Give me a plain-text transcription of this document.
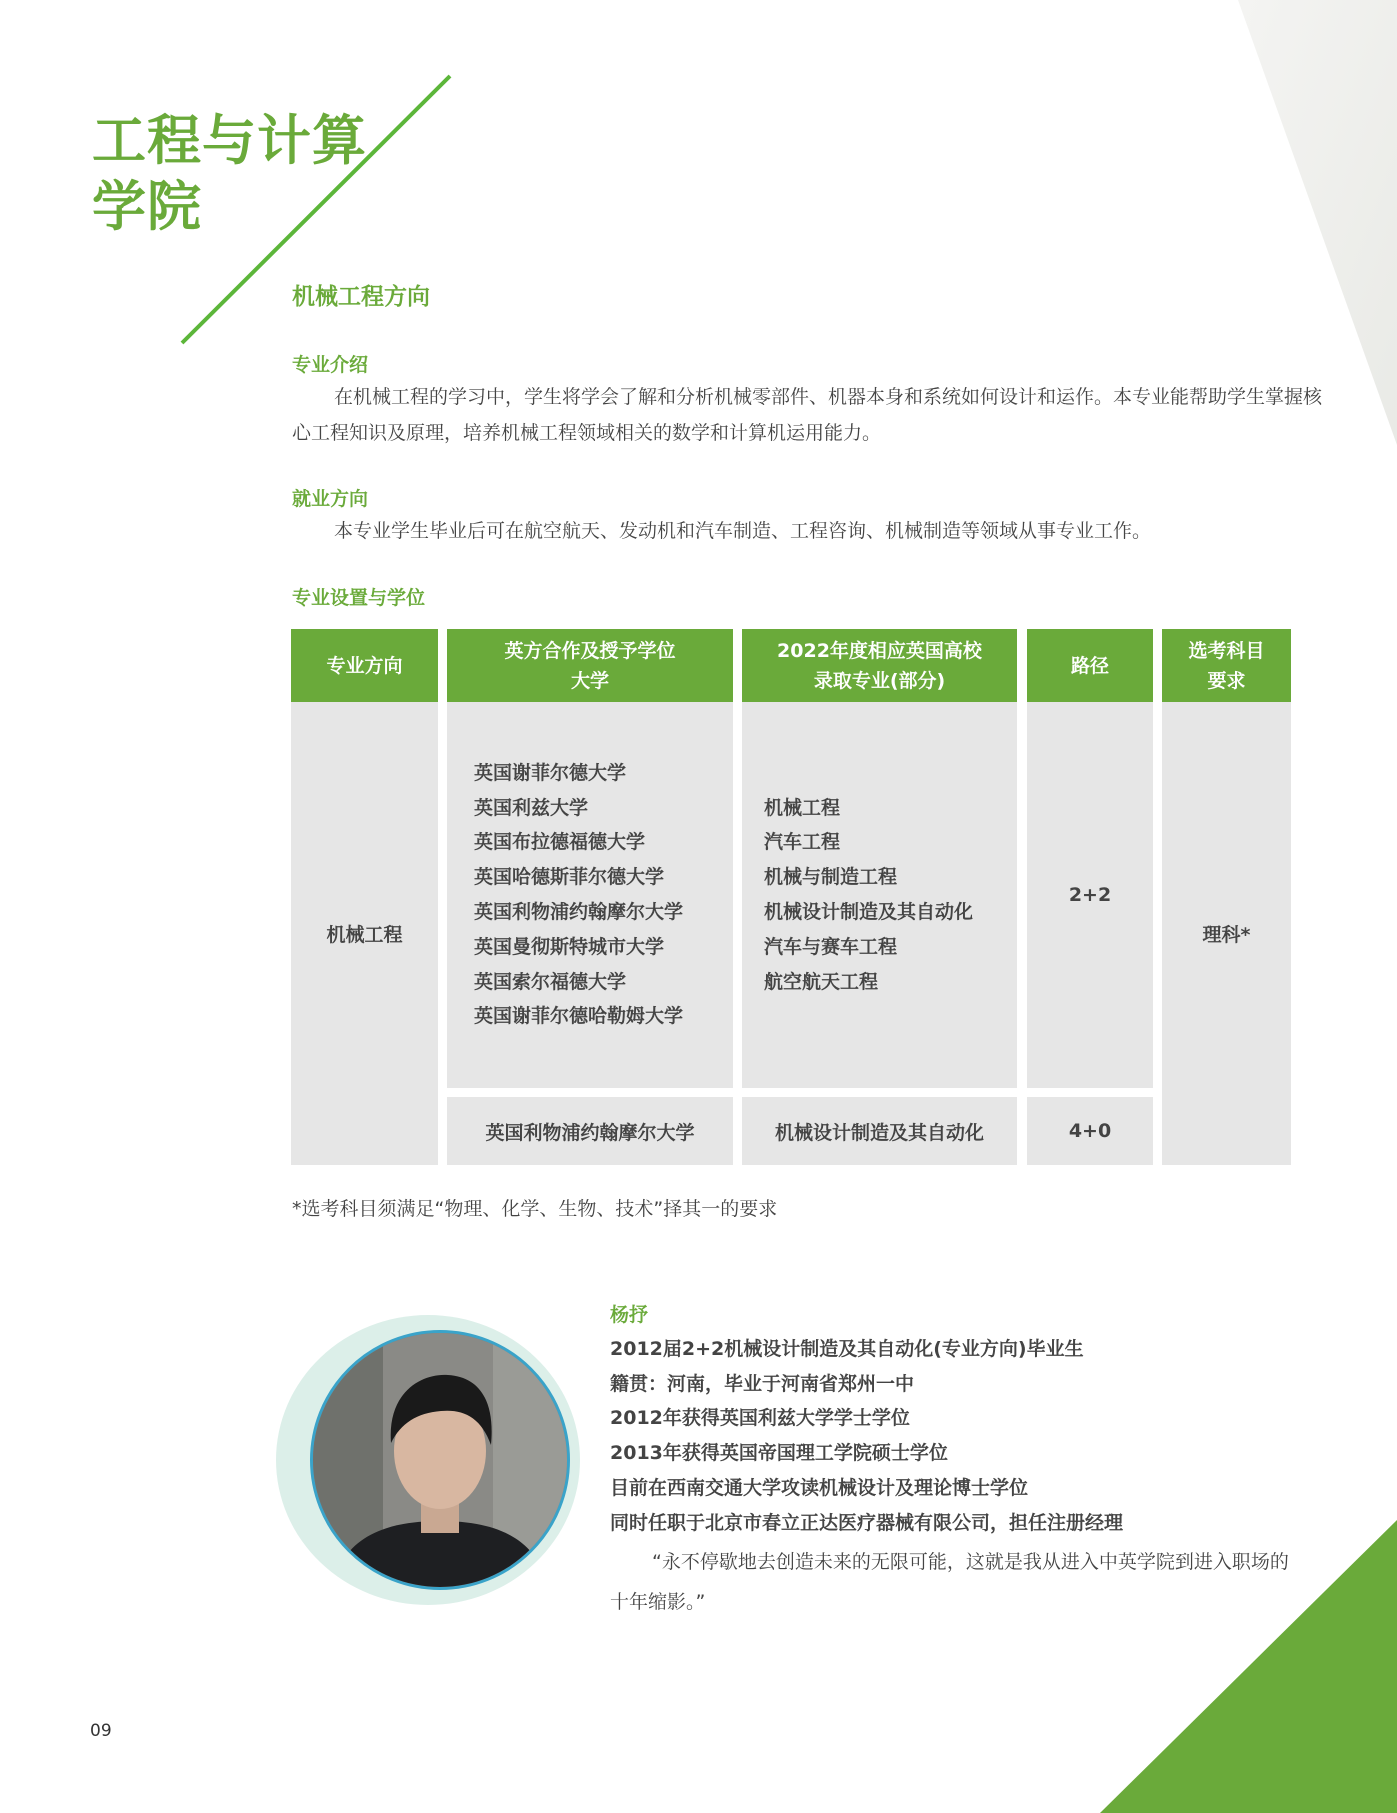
工程与计算
学院
机械工程方向
专业介绍

在机械工程的学习中，学生将学会了解和分析机械零部件、机器本身和系统如何设计和运作。本专业能帮助学生掌握核心工程知识及原理，培养机械工程领域相关的数学和计算机运用能力。

就业方向

本专业学生毕业后可在航空航天、发动机和汽车制造、工程咨询、机械制造等领域从事专业工作。

专业设置与学位
专业方向
英方合作及授予学位大学
2022年度相应英国高校录取专业(部分)
路径
选考科目要求
机械工程
英国谢菲尔德大学
英国利兹大学
英国布拉德福德大学
英国哈德斯菲尔德大学
英国利物浦约翰摩尔大学
英国曼彻斯特城市大学
英国索尔福德大学
英国谢菲尔德哈勒姆大学
机械工程
汽车工程
机械与制造工程
机械设计制造及其自动化
汽车与赛车工程
航空航天工程
2+2
理科*
英国利物浦约翰摩尔大学	机械设计制造及其自动化	4+0

*选考科目须满足“物理、化学、生物、技术”择其一的要求

杨抒

2012届2+2机械设计制造及其自动化(专业方向)毕业生
籍贯：河南，毕业于河南省郑州一中
2012年获得英国利兹大学学士学位
2013年获得英国帝国理工学院硕士学位
目前在西南交通大学攻读机械设计及理论博士学位
同时任职于北京市春立正达医疗器械有限公司，担任注册经理

“永不停歇地去创造未来的无限可能，这就是我从进入中英学院到进入职场的十年缩影。”

09
